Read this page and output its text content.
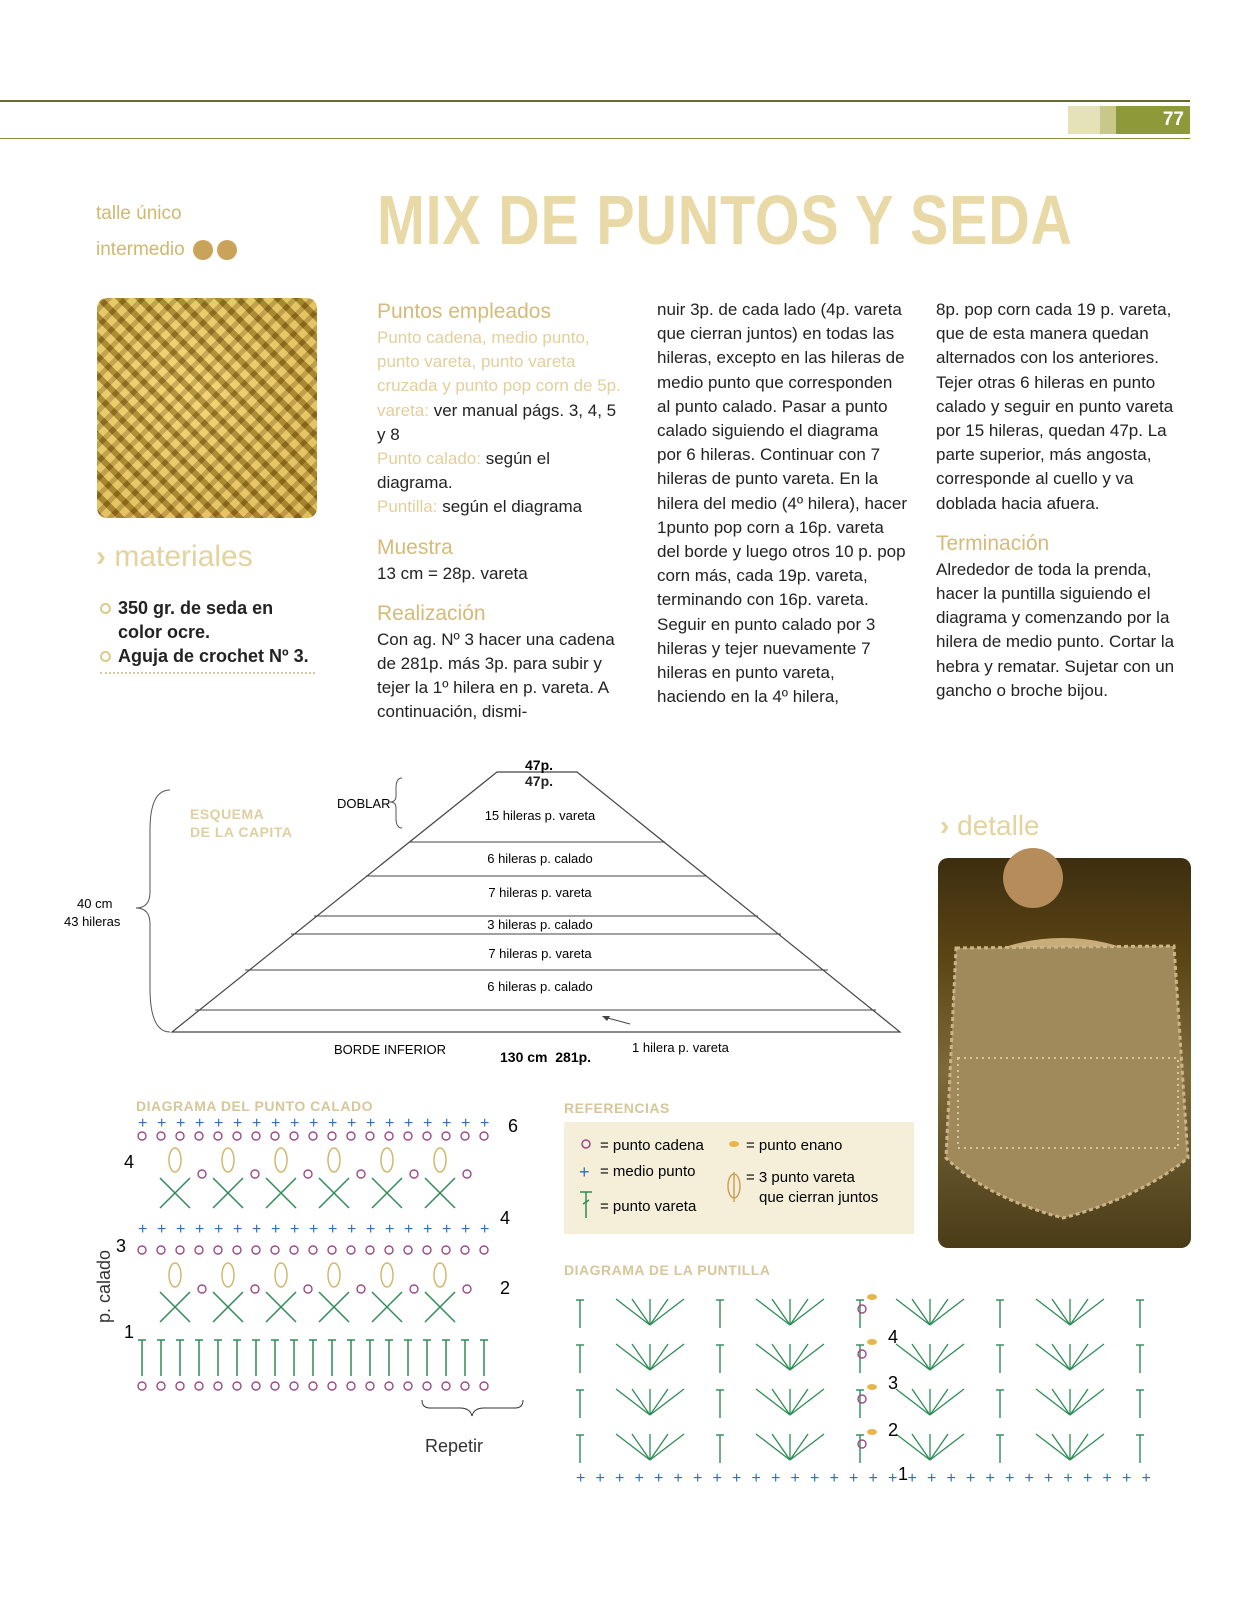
77
talle único
intermedio	MIX DE PUNTOS Y SEDA
› materiales
350 gr. de seda en color ocre.
Aguja de crochet Nº 3.
Puntos empleados
Punto cadena, medio punto, punto vareta, punto vareta cruzada y punto pop corn de 5p. vareta: ver manual págs. 3, 4, 5 y 8
Punto calado: según el diagrama.
Puntilla: según el diagrama
Muestra
13 cm = 28p. vareta
Realización
Con ag. Nº 3 hacer una cadena de 281p. más 3p. para subir y tejer la 1º hilera en p. vareta. A continuación, dismi-
nuir 3p. de cada lado (4p. vareta que cierran juntos) en todas las hileras, excepto en las hileras de medio punto que corresponden al punto calado. Pasar a punto calado siguiendo el diagrama por 6 hileras. Continuar con 7 hileras de punto vareta. En la hilera del medio (4º hilera), hacer 1punto pop corn a 16p. vareta del borde y luego otros 10 p. pop corn más, cada 19p. vareta, terminando con 16p. vareta. Seguir en punto calado por 3 hileras y tejer nuevamente 7 hileras en punto vareta, haciendo en la 4º hilera,
8p. pop corn cada 19 p. vareta, que de esta manera quedan alternados con los anteriores. Tejer otras 6 hileras en punto calado y seguir en punto vareta por 15 hileras, quedan 47p. La parte superior, más angosta, corresponde al cuello y va doblada hacia afuera.
Terminación
Alrededor de toda la prenda, hacer la puntilla siguiendo el diagrama y comenzando por la hilera de medio punto. Cortar la hebra y rematar. Sujetar con un gancho o broche bijou.
ESQUEMA
DE LA CAPITA
47p.
DOBLAR
40 cm
43 hileras
15 hileras p. vareta
6 hileras p. calado
7 hileras p. vareta
3 hileras p. calado
7 hileras p. vareta
6 hileras p. calado
BORDE INFERIOR	130 cm  281p.
1 hilera p. vareta
47p.
› detalle
DIAGRAMA DEL PUNTO CALADO
+ + + + + + + + + + + + + + + + + + +
+ + + + + + + + + + + + + + + + + + +
p. calado
Repetir
6
4
4
3
2
1
REFERENCIAS
= punto cadena
+ = medio punto
= punto vareta
= punto enano
= 3 punto vareta
que cierran juntos
DIAGRAMA DE LA PUNTILLA
+ + + + + + + + + + + + + + + + + + + + + + + + + + + + + +
4
3
2
1
